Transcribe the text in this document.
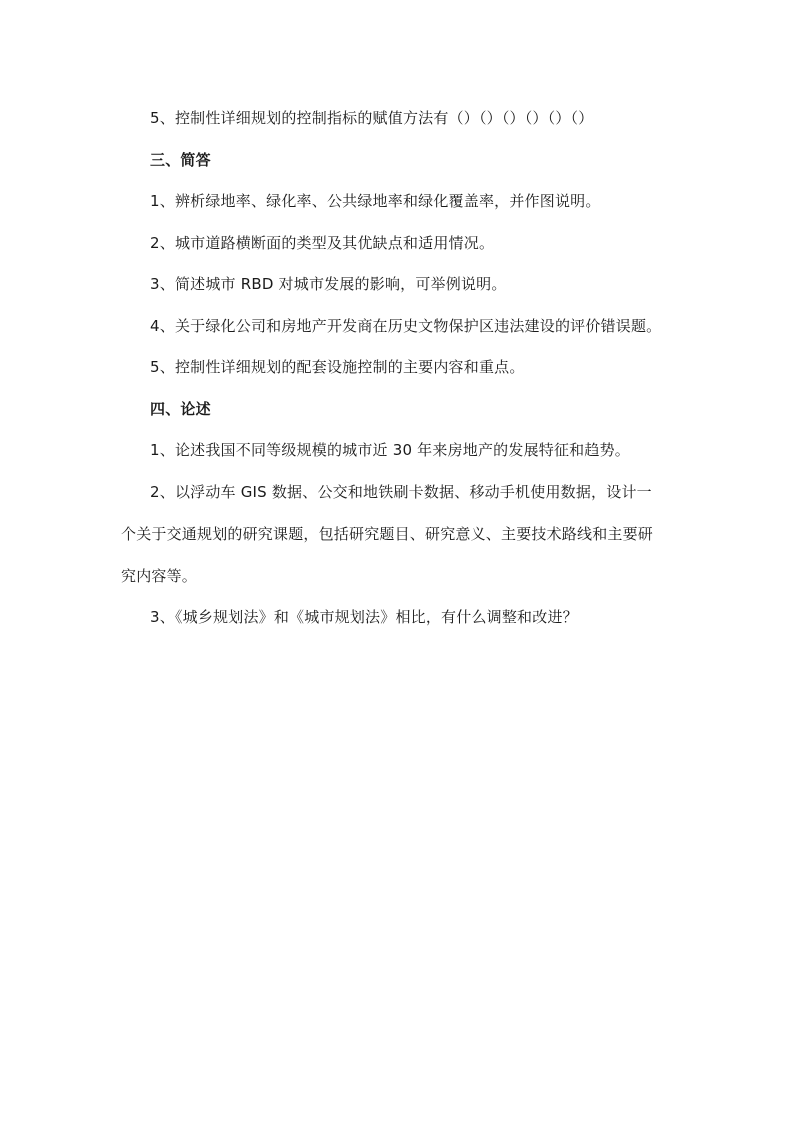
5、控制性详细规划的控制指标的赋值方法有（）（）（）（）（）（）
三、简答
1、辨析绿地率、绿化率、公共绿地率和绿化覆盖率，并作图说明。
2、城市道路横断面的类型及其优缺点和适用情况。
3、简述城市 RBD 对城市发展的影响，可举例说明。
4、关于绿化公司和房地产开发商在历史文物保护区违法建设的评价错误题。
5、控制性详细规划的配套设施控制的主要内容和重点。
四、论述
1、论述我国不同等级规模的城市近 30 年来房地产的发展特征和趋势。
2、以浮动车 GIS 数据、公交和地铁刷卡数据、移动手机使用数据，设计一
个关于交通规划的研究课题，包括研究题目、研究意义、主要技术路线和主要研
究内容等。
3、《城乡规划法》和《城市规划法》相比，有什么调整和改进？
